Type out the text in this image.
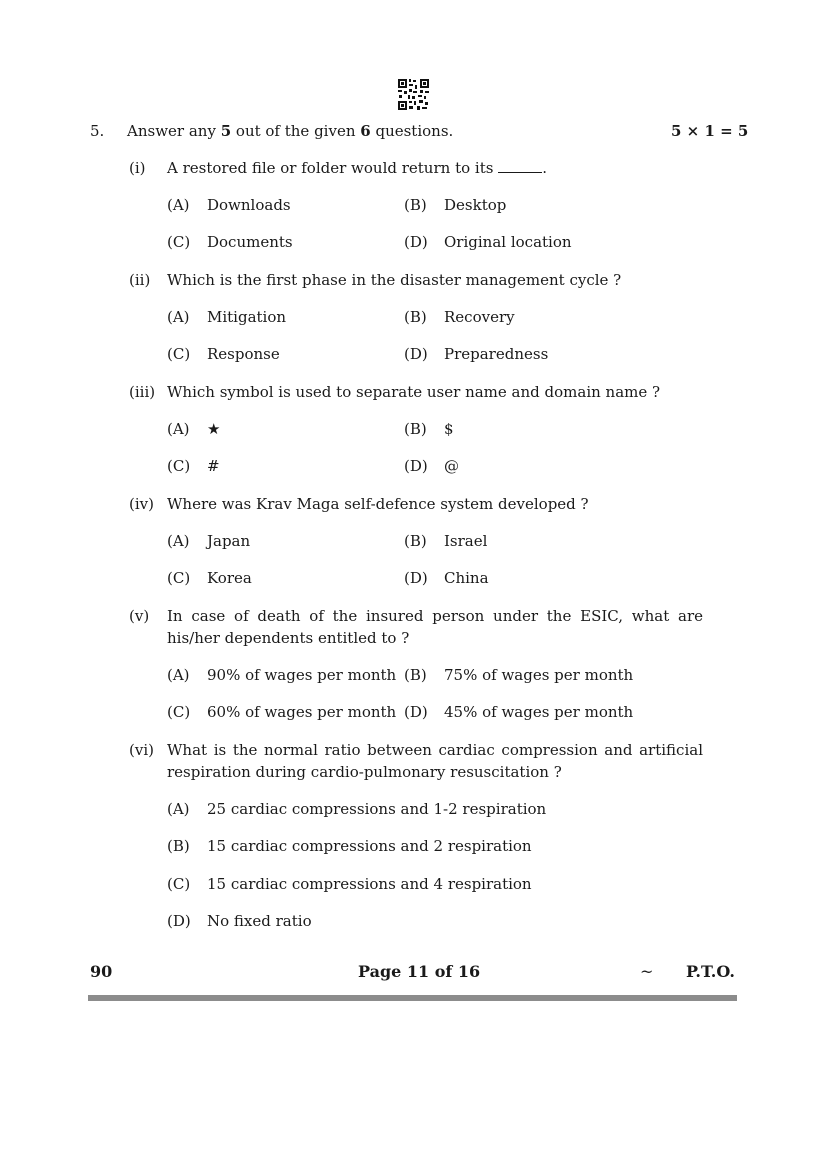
5. Answer any 5 out of the given 6 questions.	5 × 1 = 5
(i) A restored file or folder would return to its	.
(A) Downloads	(B) Desktop
(C) Documents	(D) Original location
(ii) Which is the first phase in the disaster management cycle ?
(A) Mitigation	(B) Recovery
(C) Response	(D) Preparedness
(iii) Which symbol is used to separate user name and domain name ?
(A) ★	(B) $
(C) #	(D) @
(iv) Where was Krav Maga self-defence system developed ?
(A) Japan	(B) Israel
(C) Korea	(D) China
(v) In case of death of the insured person under the ESIC, what are his/her dependents entitled to ?
(A) 90% of wages per month (B) 75% of wages per month
(C) 60% of wages per month (D) 45% of wages per month
(vi) What is the normal ratio between cardiac compression and artificial respiration during cardio-pulmonary resuscitation ?
(A) 25 cardiac compressions and 1-2 respiration
(B) 15 cardiac compressions and 2 respiration
(C) 15 cardiac compressions and 4 respiration
(D) No fixed ratio
90	Page 11 of 16	~ P.T.O.
